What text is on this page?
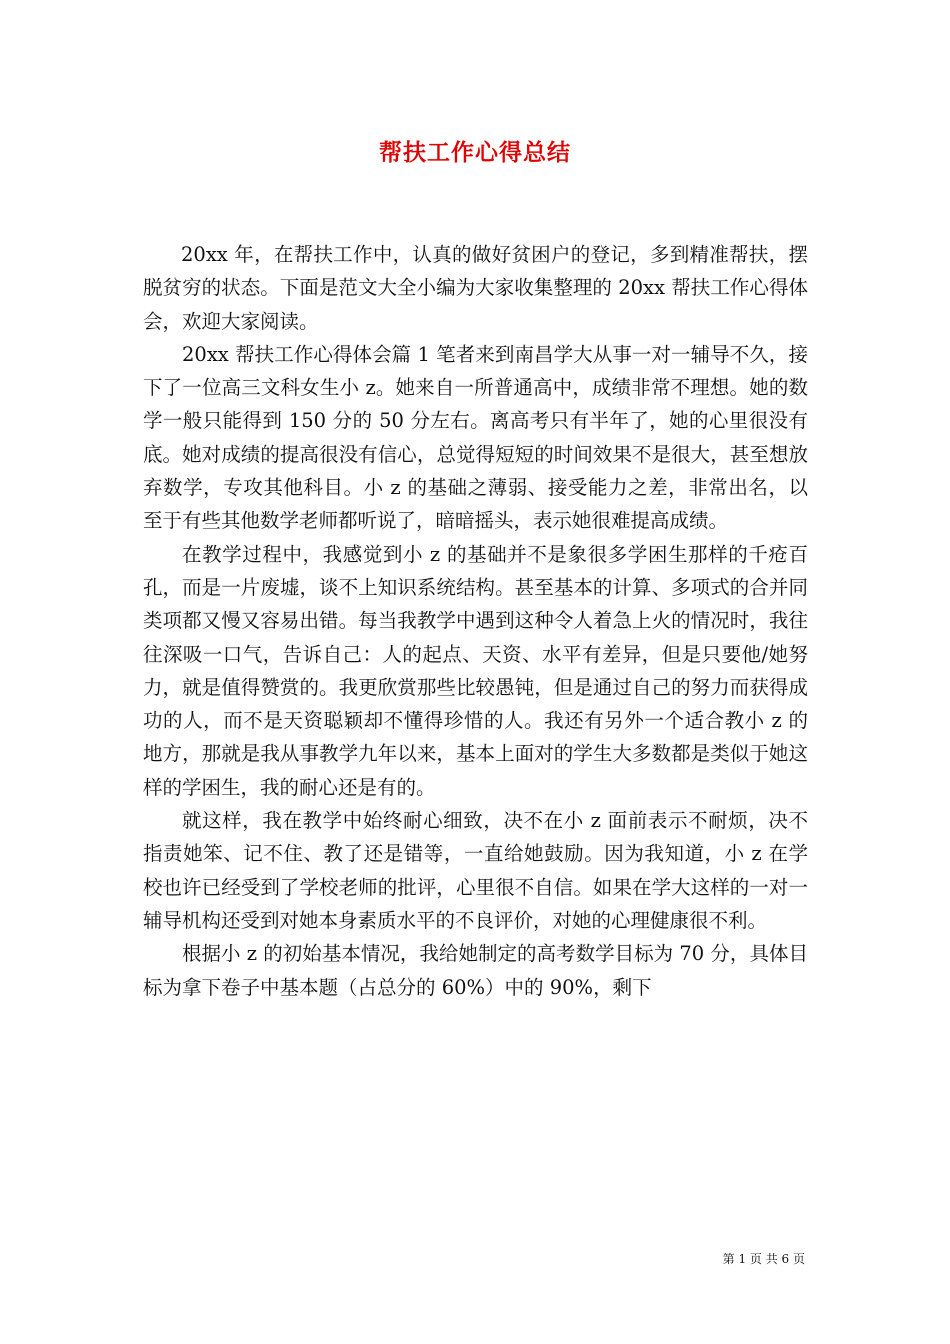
帮扶工作心得总结

20xx 年，在帮扶工作中，认真的做好贫困户的登记，多到精准帮扶，摆脱贫穷的状态。下面是范文大全小编为大家收集整理的 20xx 帮扶工作心得体会，欢迎大家阅读。

20xx 帮扶工作心得体会篇 1 笔者来到南昌学大从事一对一辅导不久，接下了一位高三文科女生小 z。她来自一所普通高中，成绩非常不理想。她的数学一般只能得到 150 分的 50 分左右。离高考只有半年了，她的心里很没有底。她对成绩的提高很没有信心，总觉得短短的时间效果不是很大，甚至想放弃数学，专攻其他科目。小 z 的基础之薄弱、接受能力之差，非常出名，以至于有些其他数学老师都听说了，暗暗摇头，表示她很难提高成绩。

在教学过程中，我感觉到小 z 的基础并不是象很多学困生那样的千疮百孔，而是一片废墟，谈不上知识系统结构。甚至基本的计算、多项式的合并同类项都又慢又容易出错。每当我教学中遇到这种令人着急上火的情况时，我往往深吸一口气，告诉自己：人的起点、天资、水平有差异，但是只要他/她努力，就是值得赞赏的。我更欣赏那些比较愚钝，但是通过自己的努力而获得成功的人，而不是天资聪颖却不懂得珍惜的人。我还有另外一个适合教小 z 的地方，那就是我从事教学九年以来，基本上面对的学生大多数都是类似于她这样的学困生，我的耐心还是有的。

就这样，我在教学中始终耐心细致，决不在小 z 面前表示不耐烦，决不指责她笨、记不住、教了还是错等，一直给她鼓励。因为我知道，小 z 在学校也许已经受到了学校老师的批评，心里很不自信。如果在学大这样的一对一辅导机构还受到对她本身素质水平的不良评价，对她的心理健康很不利。

根据小 z 的初始基本情况，我给她制定的高考数学目标为 70 分，具体目标为拿下卷子中基本题（占总分的 60%）中的 90%，剩下

第 1 页 共 6 页
